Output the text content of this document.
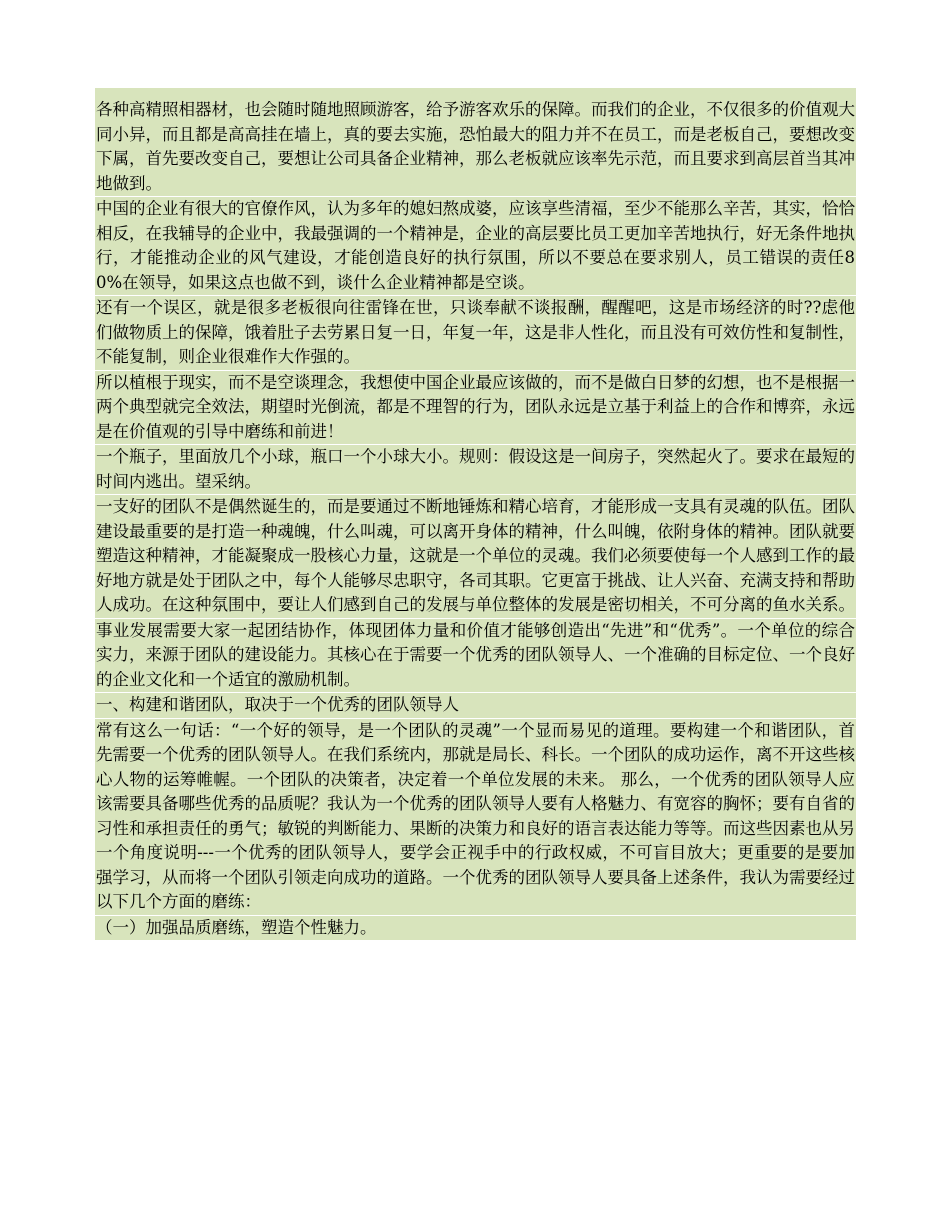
各种高精照相器材，也会随时随地照顾游客，给予游客欢乐的保障。而我们的企业，不仅很多的价值观大同小异，而且都是高高挂在墙上，真的要去实施，恐怕最大的阻力并不在员工，而是老板自己，要想改变下属，首先要改变自己，要想让公司具备企业精神，那么老板就应该率先示范，而且要求到高层首当其冲地做到。

中国的企业有很大的官僚作风，认为多年的媳妇熬成婆，应该享些清福，至少不能那么辛苦，其实，恰恰相反，在我辅导的企业中，我最强调的一个精神是，企业的高层要比员工更加辛苦地执行，好无条件地执行，才能推动企业的风气建设，才能创造良好的执行氛围，所以不要总在要求别人，员工错误的责任80%在领导，如果这点也做不到，谈什么企业精神都是空谈。

还有一个误区，就是很多老板很向往雷锋在世，只谈奉献不谈报酬，醒醒吧，这是市场经济的时??虑他们做物质上的保障，饿着肚子去劳累日复一日，年复一年，这是非人性化，而且没有可效仿性和复制性，不能复制，则企业很难作大作强的。

所以植根于现实，而不是空谈理念，我想使中国企业最应该做的，而不是做白日梦的幻想，也不是根据一两个典型就完全效法，期望时光倒流，都是不理智的行为，团队永远是立基于利益上的合作和博弈，永远是在价值观的引导中磨练和前进！

一个瓶子，里面放几个小球，瓶口一个小球大小。规则：假设这是一间房子，突然起火了。要求在最短的时间内逃出。望采纳。

一支好的团队不是偶然诞生的，而是要通过不断地锤炼和精心培育，才能形成一支具有灵魂的队伍。团队建设最重要的是打造一种魂魄，什么叫魂，可以离开身体的精神，什么叫魄，依附身体的精神。团队就要塑造这种精神，才能凝聚成一股核心力量，这就是一个单位的灵魂。我们必须要使每一个人感到工作的最好地方就是处于团队之中，每个人能够尽忠职守，各司其职。它更富于挑战、让人兴奋、充满支持和帮助人成功。在这种氛围中，要让人们感到自己的发展与单位整体的发展是密切相关，不可分离的鱼水关系。

事业发展需要大家一起团结协作，体现团体力量和价值才能够创造出“先进”和“优秀”。一个单位的综合实力，来源于团队的建设能力。其核心在于需要一个优秀的团队领导人、一个准确的目标定位、一个良好的企业文化和一个适宜的激励机制。

一、构建和谐团队，取决于一个优秀的团队领导人

常有这么一句话：“一个好的领导，是一个团队的灵魂”一个显而易见的道理。要构建一个和谐团队，首先需要一个优秀的团队领导人。在我们系统内，那就是局长、科长。一个团队的成功运作，离不开这些核心人物的运筹帷幄。一个团队的决策者，决定着一个单位发展的未来。 那么，一个优秀的团队领导人应该需要具备哪些优秀的品质呢？我认为一个优秀的团队领导人要有人格魅力、有宽容的胸怀；要有自省的习性和承担责任的勇气；敏锐的判断能力、果断的决策力和良好的语言表达能力等等。而这些因素也从另一个角度说明---一个优秀的团队领导人，要学会正视手中的行政权威，不可盲目放大；更重要的是要加强学习，从而将一个团队引领走向成功的道路。一个优秀的团队领导人要具备上述条件，我认为需要经过以下几个方面的磨练：

（一）加强品质磨练，塑造个性魅力。
